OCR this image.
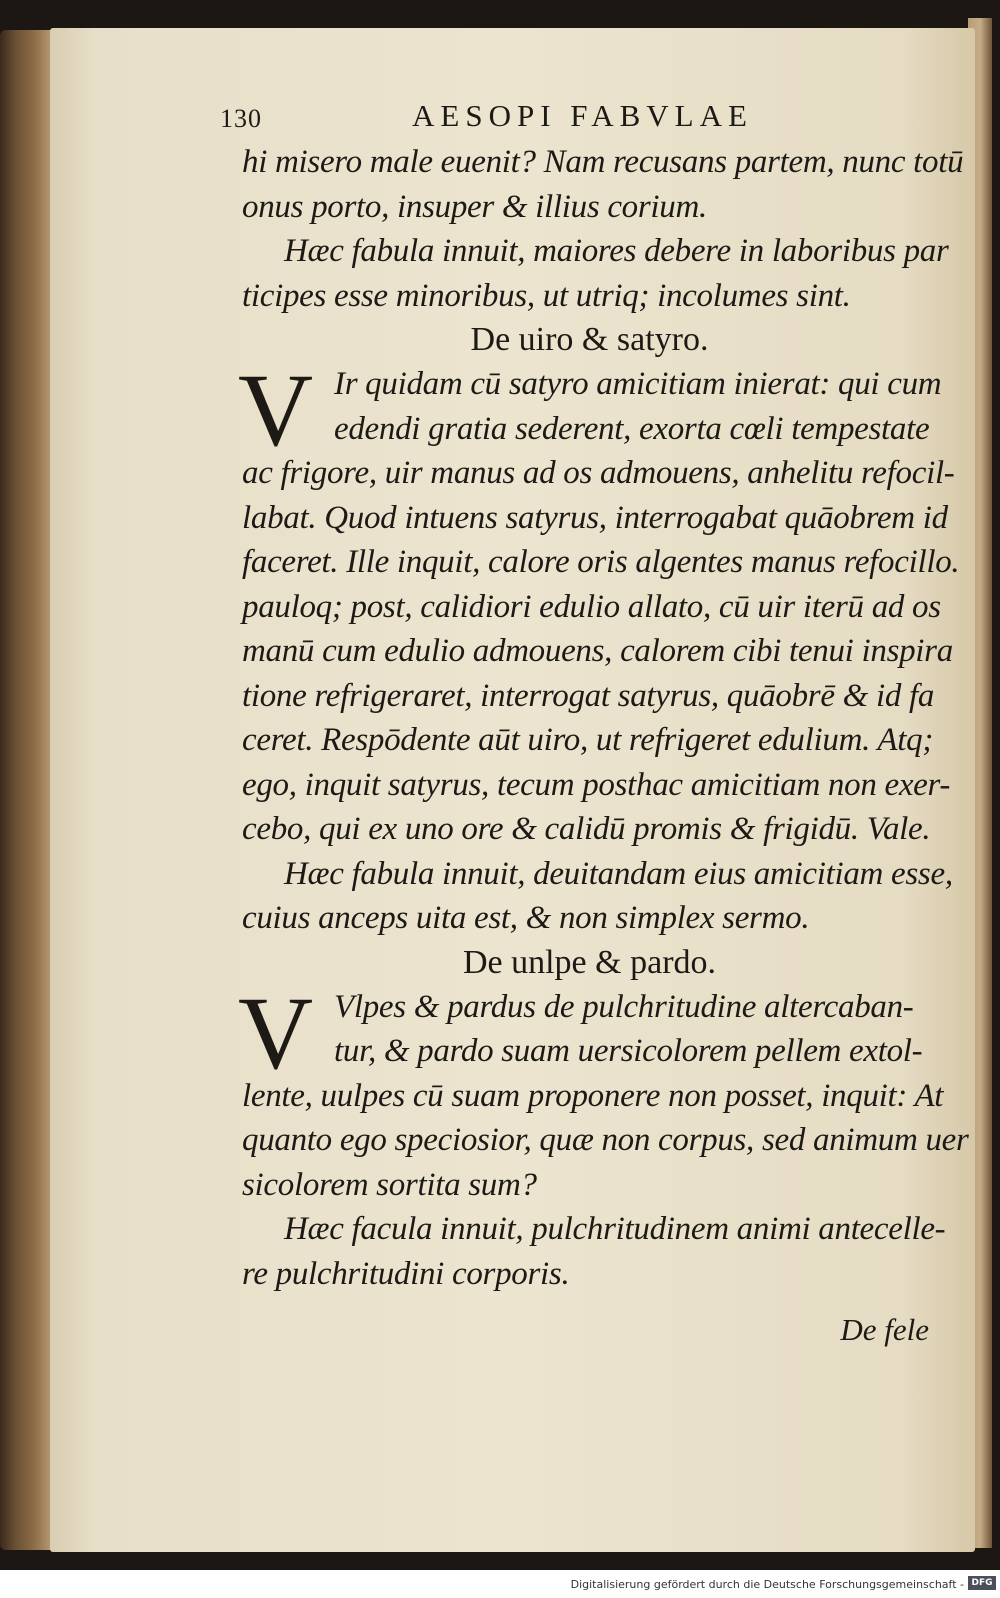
130	AESOPI FABVLAE
hi misero male euenit? Nam recusans partem, nunc totū
onus porto, insuper & illius corium.
Hæc fabula innuit, maiores debere in laboribus par
ticipes esse minoribus, ut utriq; incolumes sint.
De uiro & satyro.
V Ir quidam cū satyro amicitiam inierat: qui cum
edendi gratia sederent, exorta cœli tempestate
ac frigore, uir manus ad os admouens, anhelitu refocil-
labat. Quod intuens satyrus, interrogabat quāobrem id
faceret. Ille inquit, calore oris algentes manus refocillo.
pauloq; post, calidiori edulio allato, cū uir iterū ad os
manū cum edulio admouens, calorem cibi tenui inspira
tione refrigeraret, interrogat satyrus, quāobrē & id fa
ceret. Respōdente aūt uiro, ut refrigeret edulium. Atq;
ego, inquit satyrus, tecum posthac amicitiam non exer-
cebo, qui ex uno ore & calidū promis & frigidū. Vale.
Hæc fabula innuit, deuitandam eius amicitiam esse,
cuius anceps uita est, & non simplex sermo.
De unlpe & pardo.
V Vlpes & pardus de pulchritudine altercaban-
tur, & pardo suam uersicolorem pellem extol-
lente, uulpes cū suam proponere non posset, inquit: At
quanto ego speciosior, quæ non corpus, sed animum uer
sicolorem sortita sum?
Hæc facula innuit, pulchritudinem animi antecelle-
re pulchritudini corporis.
De fele
Digitalisierung gefördert durch die Deutsche Forschungsgemeinschaft - DFG
